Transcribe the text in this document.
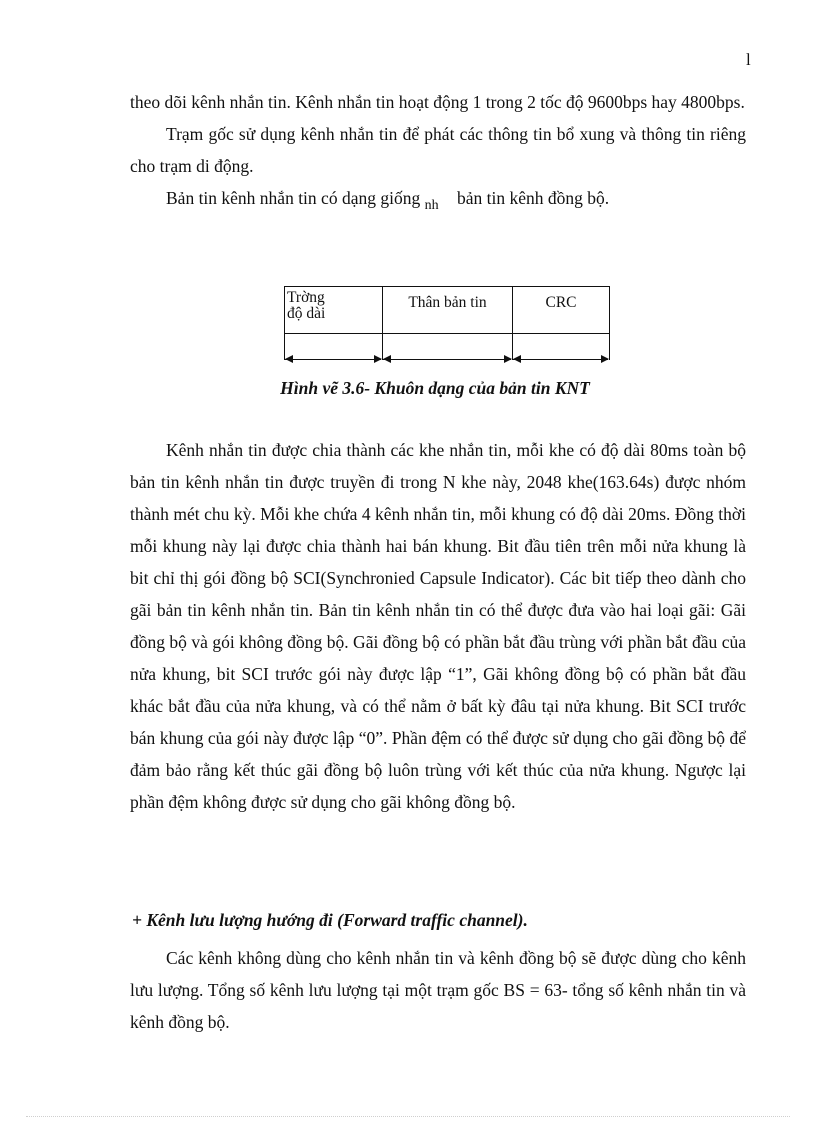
l

theo dõi kênh nhắn tin. Kênh nhắn tin hoạt động 1 trong 2 tốc độ 9600bps hay 4800bps.

Trạm gốc sử dụng kênh nhắn tin để phát các thông tin bổ xung và thông tin riêng cho trạm di động.

Bản tin kênh nhắn tin có dạng giống $_{nh}$ bản tin kênh đồng bộ.

Trờng
độ dài
Thân bản tin	CRC
Hình vẽ 3.6- Khuôn dạng của bản tin KNT

Kênh nhắn tin được chia thành các khe nhắn tin, mỗi khe có độ dài 80ms toàn bộ bản tin kênh nhắn tin được truyền đi trong N khe này, 2048 khe(163.64s) được nhóm thành mét chu kỳ. Mỗi khe chứa 4 kênh nhắn tin, mỗi khung có độ dài 20ms. Đồng thời mỗi khung này lại được chia thành hai bán khung. Bit đầu tiên trên mỗi nửa khung là bit chỉ thị gói đồng bộ SCI(Synchronied Capsule Indicator). Các bit tiếp theo dành cho gãi bản tin kênh nhắn tin. Bản tin kênh nhắn tin có thể được đưa vào hai loại gãi: Gãi đồng bộ và gói không đồng bộ. Gãi đồng bộ có phần bắt đầu trùng với phần bắt đầu của nửa khung, bit SCI trước gói này được lập “1”, Gãi không đồng bộ có phần bắt đầu khác bắt đầu của nửa khung, và có thể nằm ở bất kỳ đâu tại nửa khung. Bit SCI trước bán khung của gói này được lập “0”. Phần đệm có thể được sử dụng cho gãi đồng bộ để đảm bảo rằng kết thúc gãi đồng bộ luôn trùng với kết thúc của nửa khung. Ngược lại phần đệm không được sử dụng cho gãi không đồng bộ.

+ Kênh lưu lượng hướng đi (Forward traffic channel).

Các kênh không dùng cho kênh nhắn tin và kênh đồng bộ sẽ được dùng cho kênh lưu lượng. Tổng số kênh lưu lượng tại một trạm gốc BS = 63- tổng số kênh nhắn tin và kênh đồng bộ.
